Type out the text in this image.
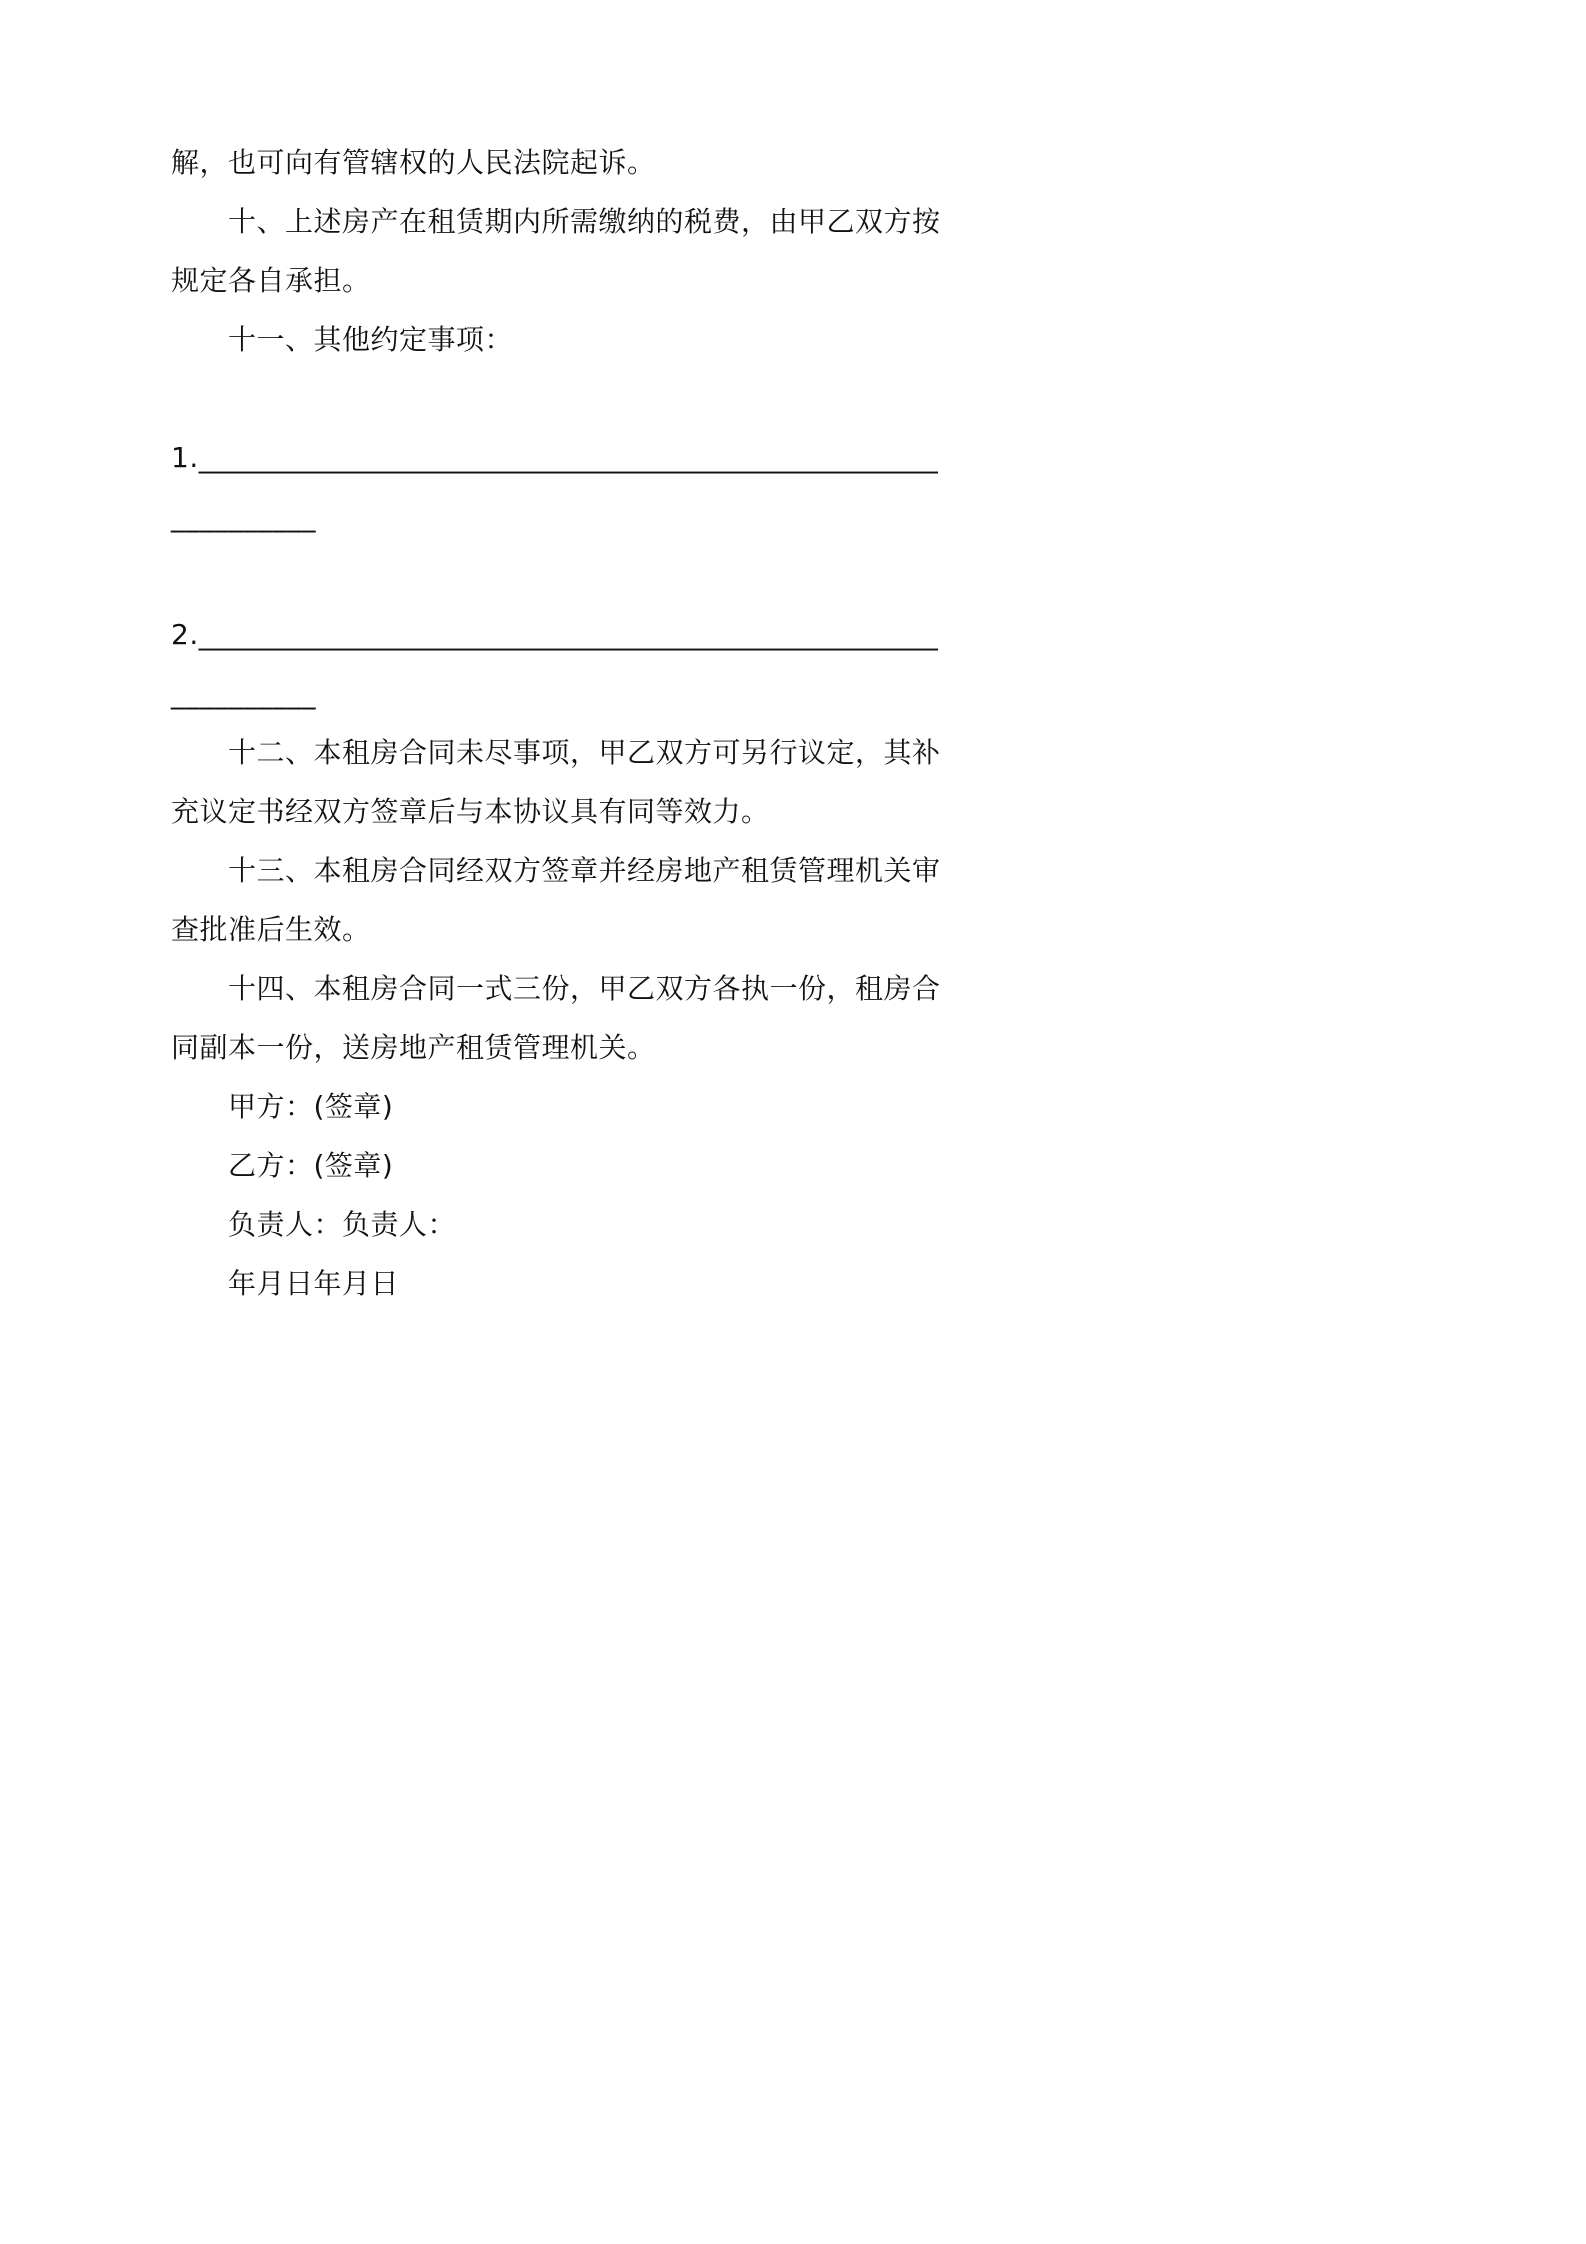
解，也可向有管辖权的人民法院起诉。

十、上述房产在租赁期内所需缴纳的税费，由甲乙双方按规定各自承担。

十一、其他约定事项：

1.___________________________________________________

__________

2.___________________________________________________

__________

十二、本租房合同未尽事项，甲乙双方可另行议定，其补充议定书经双方签章后与本协议具有同等效力。

十三、本租房合同经双方签章并经房地产租赁管理机关审查批准后生效。

十四、本租房合同一式三份，甲乙双方各执一份，租房合同副本一份，送房地产租赁管理机关。

甲方：(签章)

乙方：(签章)

负责人：负责人：

年月日年月日
